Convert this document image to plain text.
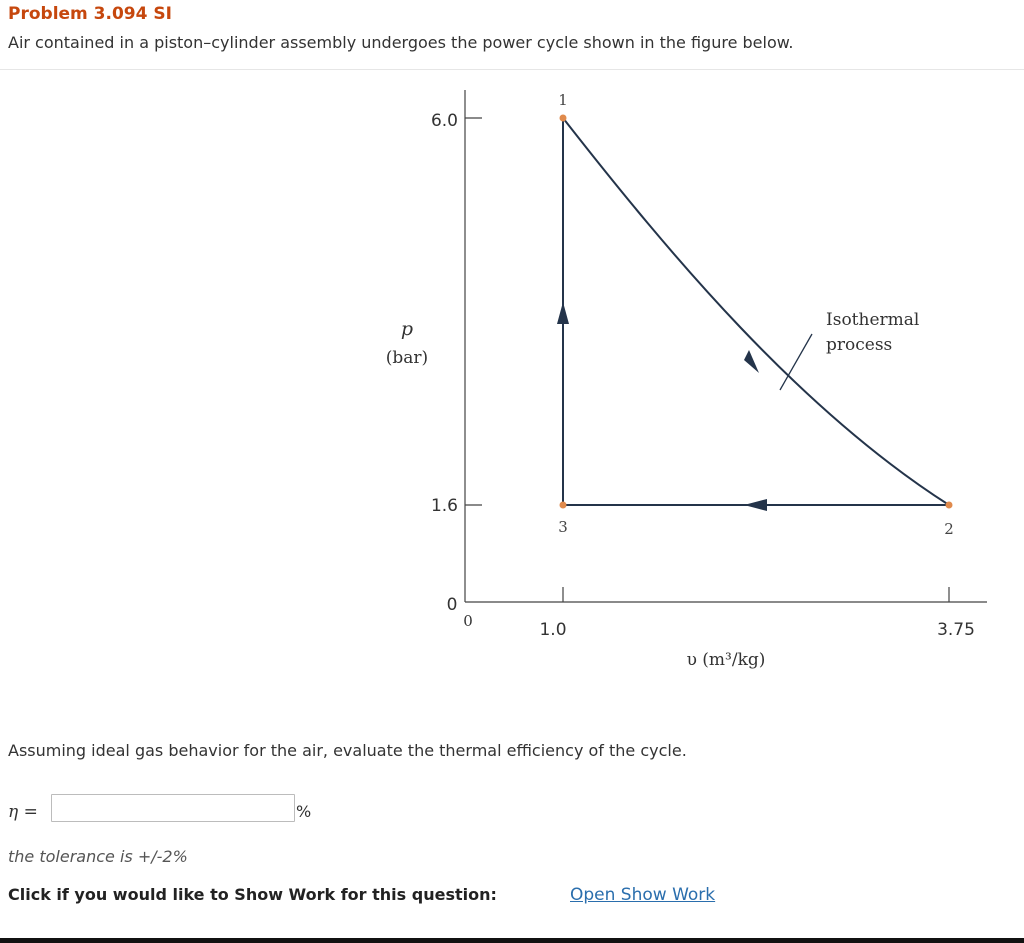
Problem 3.094 SI

Air contained in a piston–cylinder assembly undergoes the power cycle shown in the figure below.

6.0
1.6
1.0	3.75
0
0
1
2
3
p
(bar)
υ (m³/kg)
Isothermal
process

Assuming ideal gas behavior for the air, evaluate the thermal efficiency of the cycle.

η =	%

the tolerance is +/-2%

Click if you would like to Show Work for this question:	Open Show Work
